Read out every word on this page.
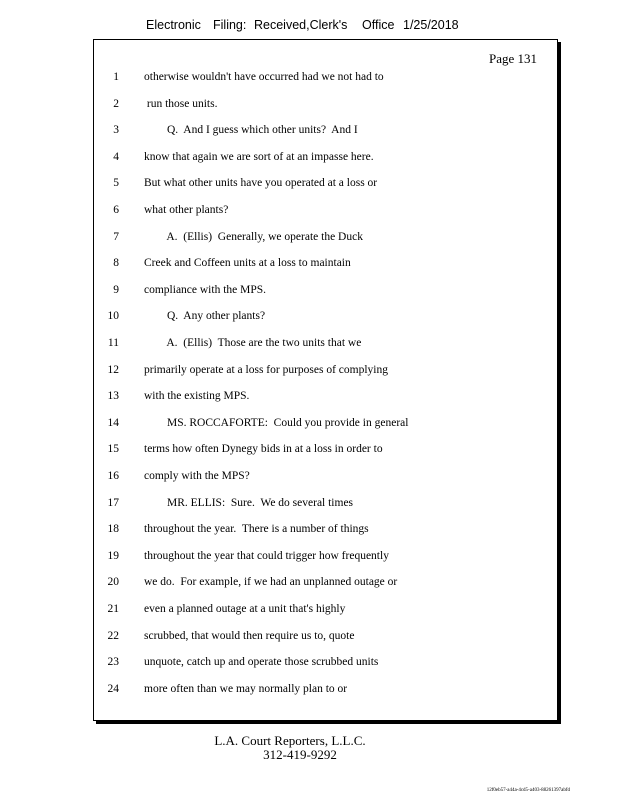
Electronic

Filing:

Received,Clerk's

Office

1/25/2018

Page 131
1 otherwise wouldn't have occurred had we not had to
2 run those units.
3 Q.  And I guess which other units?  And I
4 know that again we are sort of at an impasse here.
5 But what other units have you operated at a loss or
6 what other plants?
7 A.  (Ellis)  Generally, we operate the Duck
8 Creek and Coffeen units at a loss to maintain
9 compliance with the MPS.
10 Q.  Any other plants?
11 A.  (Ellis)  Those are the two units that we
12 primarily operate at a loss for purposes of complying
13 with the existing MPS.
14 MS. ROCCAFORTE:  Could you provide in general
15 terms how often Dynegy bids in at a loss in order to
16 comply with the MPS?
17 MR. ELLIS:  Sure.  We do several times
18 throughout the year.  There is a number of things
19 throughout the year that could trigger how frequently
20 we do.  For example, if we had an unplanned outage or
21 even a planned outage at a unit that's highly
22 scrubbed, that would then require us to, quote
23 unquote, catch up and operate those scrubbed units
24 more often than we may normally plan to or
L.A. Court Reporters, L.L.C.
312-419-9292
12f0eb57-a44a-4cd5-a403-88261397abfd
